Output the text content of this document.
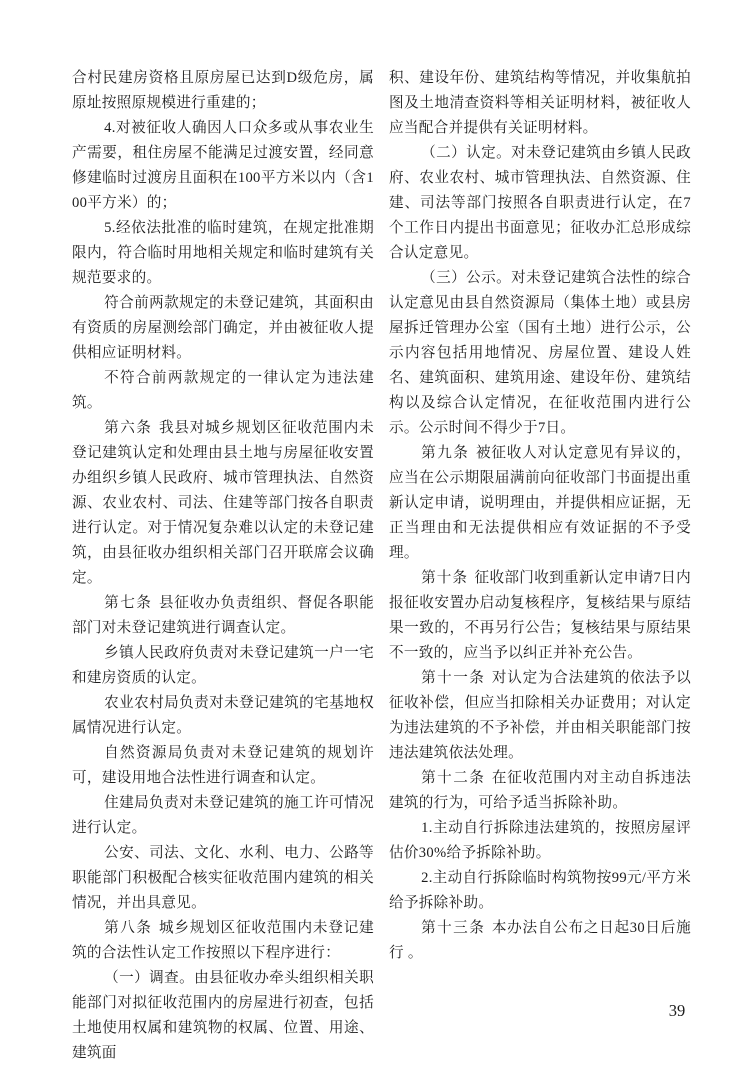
合村民建房资格且原房屋已达到D级危房，属原址按照原规模进行重建的；

4.对被征收人确因人口众多或从事农业生产需要，租住房屋不能满足过渡安置，经同意修建临时过渡房且面积在100平方米以内（含100平方米）的；

5.经依法批准的临时建筑，在规定批准期限内，符合临时用地相关规定和临时建筑有关规范要求的。

符合前两款规定的未登记建筑，其面积由有资质的房屋测绘部门确定，并由被征收人提供相应证明材料。

不符合前两款规定的一律认定为违法建筑。

第六条 我县对城乡规划区征收范围内未登记建筑认定和处理由县土地与房屋征收安置办组织乡镇人民政府、城市管理执法、自然资源、农业农村、司法、住建等部门按各自职责进行认定。对于情况复杂难以认定的未登记建筑，由县征收办组织相关部门召开联席会议确定。

第七条 县征收办负责组织、督促各职能部门对未登记建筑进行调查认定。

乡镇人民政府负责对未登记建筑一户一宅和建房资质的认定。

农业农村局负责对未登记建筑的宅基地权属情况进行认定。

自然资源局负责对未登记建筑的规划许可，建设用地合法性进行调查和认定。

住建局负责对未登记建筑的施工许可情况进行认定。

公安、司法、文化、水利、电力、公路等职能部门积极配合核实征收范围内建筑的相关情况，并出具意见。

第八条 城乡规划区征收范围内未登记建筑的合法性认定工作按照以下程序进行：

（一）调查。由县征收办牵头组织相关职能部门对拟征收范围内的房屋进行初查，包括土地使用权属和建筑物的权属、位置、用途、建筑面

积、建设年份、建筑结构等情况，并收集航拍图及土地清查资料等相关证明材料，被征收人应当配合并提供有关证明材料。

（二）认定。对未登记建筑由乡镇人民政府、农业农村、城市管理执法、自然资源、住建、司法等部门按照各自职责进行认定，在7个工作日内提出书面意见；征收办汇总形成综合认定意见。

（三）公示。对未登记建筑合法性的综合认定意见由县自然资源局（集体土地）或县房屋拆迁管理办公室（国有土地）进行公示，公示内容包括用地情况、房屋位置、建设人姓名、建筑面积、建筑用途、建设年份、建筑结构以及综合认定情况，在征收范围内进行公示。公示时间不得少于7日。

第九条 被征收人对认定意见有异议的，应当在公示期限届满前向征收部门书面提出重新认定申请，说明理由，并提供相应证据，无正当理由和无法提供相应有效证据的不予受理。

第十条 征收部门收到重新认定申请7日内报征收安置办启动复核程序，复核结果与原结果一致的，不再另行公告；复核结果与原结果不一致的，应当予以纠正并补充公告。

第十一条 对认定为合法建筑的依法予以征收补偿，但应当扣除相关办证费用；对认定为违法建筑的不予补偿，并由相关职能部门按违法建筑依法处理。

第十二条 在征收范围内对主动自拆违法建筑的行为，可给予适当拆除补助。

1.主动自行拆除违法建筑的，按照房屋评估价30%给予拆除补助。

2.主动自行拆除临时构筑物按99元/平方米给予拆除补助。

第十三条 本办法自公布之日起30日后施行 。

39
